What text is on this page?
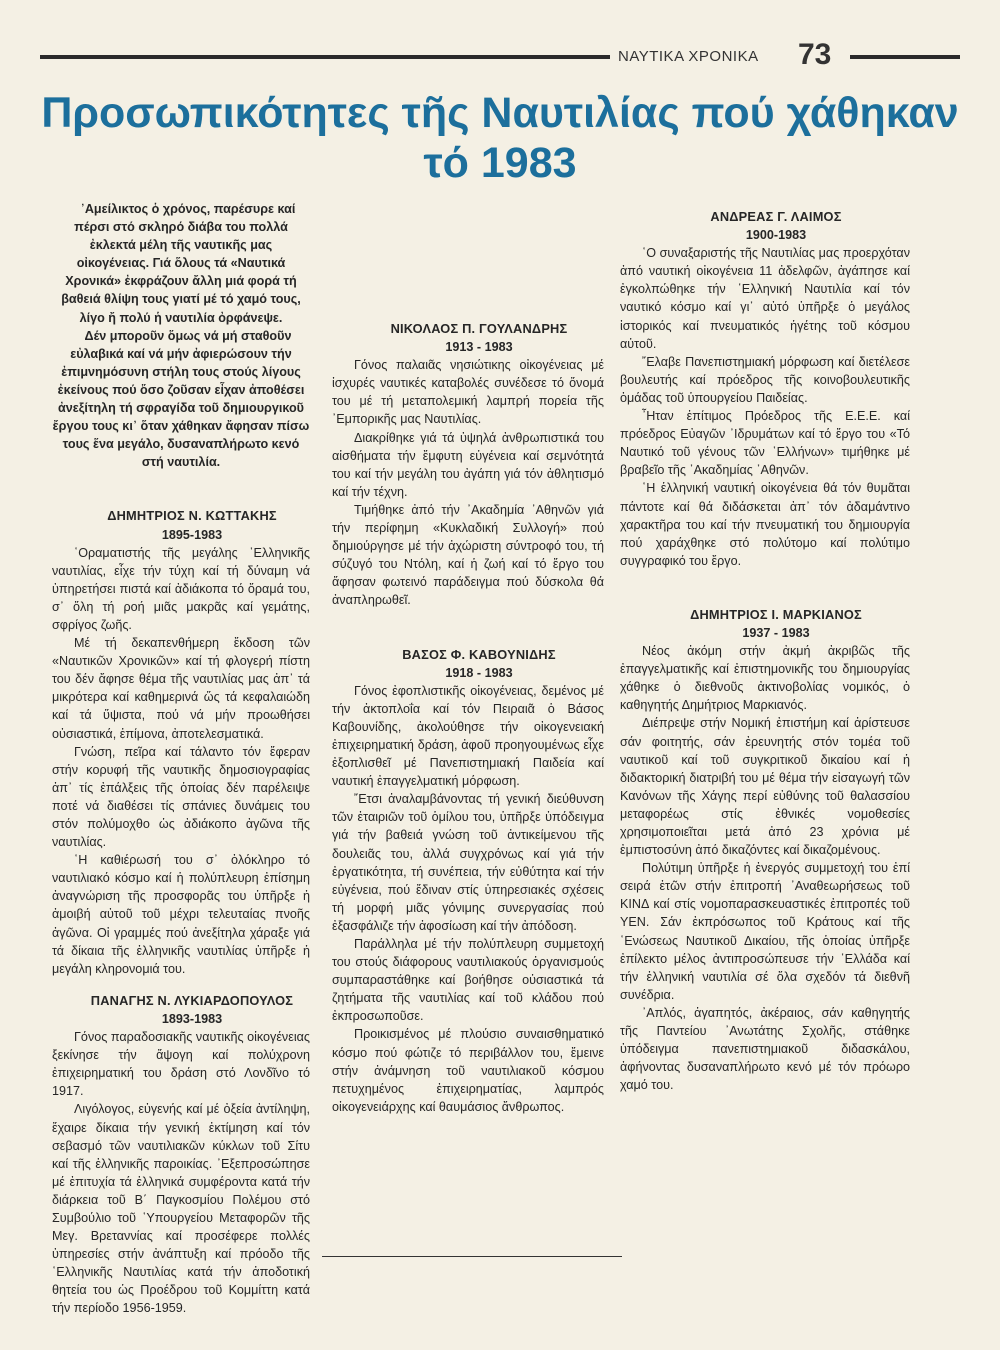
ΝΑΥΤΙΚΑ ΧΡΟΝΙΚΑ 73
Προσωπικότητες τῆς Ναυτιλίας πού χάθηκαν
τό 1983

᾽Αμείλικτος ὁ χρόνος, παρέσυρε καί πέρσι στό σκληρό διάβα του πολλά ἐκλεκτά μέλη τῆς ναυτικῆς μας οἰκογένειας. Γιά ὅλους τά «Ναυτικά Χρονικά» ἐκφράζουν ἄλλη μιά φορά τή βαθειά θλίψη τους γιατί μέ τό χαμό τους, λίγο ἤ πολύ ἡ ναυτιλία ὀρφάνεψε.

Δέν μποροῦν ὅμως νά μή σταθοῦν εὐλαβικά καί νά μήν ἀφιερώσουν τήν ἐπιμνημόσυνη στήλη τους στούς λίγους ἐκείνους πού ὅσο ζοῦσαν εἶχαν ἀποθέσει ἀνεξίτηλη τή σφραγίδα τοῦ δημιουργικοῦ ἔργου τους κι᾽ ὅταν χάθηκαν ἄφησαν πίσω τους ἕνα μεγάλο, δυσαναπλήρωτο κενό στή ναυτιλία.

ΔΗΜΗΤΡΙΟΣ Ν. ΚΩΤΤΑΚΗΣ

1895-1983

῾Οραματιστής τῆς μεγάλης ῾Ελληνικῆς ναυτιλίας, εἶχε τήν τύχη καί τή δύναμη νά ὑπηρετήσει πιστά καί ἀδιάκοπα τό ὅραμά του, σ᾽ ὅλη τή ροή μιᾶς μακρᾶς καί γεμάτης, σφρίγος ζωῆς.

Μέ τή δεκαπενθήμερη ἔκδοση τῶν «Ναυτικῶν Χρονικῶν» καί τή φλογερή πίστη του δέν ἄφησε θέμα τῆς ναυτιλίας μας ἀπ᾽ τά μικρότερα καί καθημερινά ὥς τά κεφαλαιώδη καί τά ὕψιστα, πού νά μήν προωθήσει οὐσιαστικά, ἐπίμονα, ἀποτελεσματικά.

Γνώση, πεῖρα καί τάλαντο τόν ἔφεραν στήν κορυφή τῆς ναυτικῆς δημοσιογραφίας ἀπ᾽ τίς ἐπάλξεις τῆς ὁποίας δέν παρέλειψε ποτέ νά διαθέσει τίς σπάνιες δυνάμεις του στόν πολύμοχθο ὡς ἀδιάκοπο ἀγῶνα τῆς ναυτιλίας.

῾Η καθιέρωσή του σ᾽ ὁλόκληρο τό ναυτιλιακό κόσμο καί ἡ πολύπλευρη ἐπίσημη ἀναγνώριση τῆς προσφορᾶς του ὑπῆρξε ἡ ἀμοιβή αὐτοῦ τοῦ μέχρι τελευταίας πνοῆς ἀγῶνα. Οἱ γραμμές πού ἀνεξίτηλα χάραξε γιά τά δίκαια τῆς ἑλληνικῆς ναυτιλίας ὑπῆρξε ἡ μεγάλη κληρονομιά του.

ΠΑΝΑΓΗΣ Ν. ΛΥΚΙΑΡΔΟΠΟΥΛΟΣ

1893-1983

Γόνος παραδοσιακῆς ναυτικῆς οἰκογένειας ξεκίνησε τήν ἄψογη καί πολύχρονη ἐπιχειρηματική του δράση στό Λονδῖνο τό 1917.

Λιγόλογος, εὐγενής καί μέ ὀξεία ἀντίληψη, ἔχαιρε δίκαια τήν γενική ἐκτίμηση καί τόν σεβασμό τῶν ναυτιλιακῶν κύκλων τοῦ Σίτυ καί τῆς ἑλληνικῆς παροικίας. ᾽Εξεπροσώπησε μέ ἐπιτυχία τά ἑλληνικά συμφέροντα κατά τήν διάρκεια τοῦ Β΄ Παγκοσμίου Πολέμου στό Συμβούλιο τοῦ ῾Υπουργείου Μεταφορῶν τῆς Μεγ. Βρεταννίας καί προσέφερε πολλές ὑπηρεσίες στήν ἀνάπτυξη καί πρόοδο τῆς ῾Ελληνικῆς Ναυτιλίας κατά τήν ἀποδοτική θητεία του ὡς Προέδρου τοῦ Κομμίττη κατά τήν περίοδο 1956-1959.

ΝΙΚΟΛΑΟΣ Π. ΓΟΥΛΑΝΔΡΗΣ

1913 - 1983

Γόνος παλαιᾶς νησιώτικης οἰκογένειας μέ ἰσχυρές ναυτικές καταβολές συνέδεσε τό ὄνομά του μέ τή μεταπολεμική λαμπρή πορεία τῆς ᾽Εμπορικῆς μας Ναυτιλίας.

Διακρίθηκε γιά τά ὑψηλά ἀνθρωπιστικά του αἰσθήματα τήν ἔμφυτη εὐγένεια καί σεμνότητά του καί τήν μεγάλη του ἀγάπη γιά τόν ἀθλητισμό καί τήν τέχνη.

Τιμήθηκε ἀπό τήν ᾽Ακαδημία ᾽Αθηνῶν γιά τήν περίφημη «Κυκλαδική Συλλογή» πού δημιούργησε μέ τήν ἀχώριστη σύντροφό του, τή σύζυγό του Ντόλη, καί ἡ ζωή καί τό ἔργο του ἄφησαν φωτεινό παράδειγμα πού δύσκολα θά ἀναπληρωθεῖ.

ΒΑΣΟΣ Φ. ΚΑΒΟΥΝΙΔΗΣ

1918 - 1983

Γόνος ἐφοπλιστικῆς οἰκογένειας, δεμένος μέ τήν ἀκτοπλοΐα καί τόν Πειραιᾶ ὁ Βάσος Καβουνίδης, ἀκολούθησε τήν οἰκογενειακή ἐπιχειρηματική δράση, ἀφοῦ προηγουμένως εἶχε ἐξοπλισθεῖ μέ Πανεπιστημιακή Παιδεία καί ναυτική ἐπαγγελματική μόρφωση.

῎Ετσι ἀναλαμβάνοντας τή γενική διεύθυνση τῶν ἑταιριῶν τοῦ ὁμίλου του, ὑπῆρξε ὑπόδειγμα γιά τήν βαθειά γνώση τοῦ ἀντικείμενου τῆς δουλειᾶς του, ἀλλά συγχρόνως καί γιά τήν ἐργατικότητα, τή συνέπεια, τήν εὐθύτητα καί τήν εὐγένεια, πού ἔδιναν στίς ὑπηρεσιακές σχέσεις τή μορφή μιᾶς γόνιμης συνεργασίας πού ἐξασφάλιζε τήν ἀφοσίωση καί τήν ἀπόδοση.

Παράλληλα μέ τήν πολύπλευρη συμμετοχή του στούς διάφορους ναυτιλιακούς ὀργανισμούς συμπαραστάθηκε καί βοήθησε οὐσιαστικά τά ζητήματα τῆς ναυτιλίας καί τοῦ κλάδου πού ἐκπροσωποῦσε.

Προικισμένος μέ πλούσιο συναισθηματικό κόσμο πού φώτιζε τό περιβάλλον του, ἔμεινε στήν ἀνάμνηση τοῦ ναυτιλιακοῦ κόσμου πετυχημένος ἐπιχειρηματίας, λαμπρός οἰκογενειάρχης καί θαυμάσιος ἄνθρωπος.

ΑΝΔΡΕΑΣ Γ. ΛΑΙΜΟΣ

1900-1983

῾Ο συναξαριστής τῆς Ναυτιλίας μας προερχόταν ἀπό ναυτική οἰκογένεια 11 ἀδελφῶν, ἀγάπησε καί ἐγκολπώθηκε τήν ῾Ελληνική Ναυτιλία καί τόν ναυτικό κόσμο καί γι᾽ αὐτό ὑπῆρξε ὁ μεγάλος ἱστορικός καί πνευματικός ἡγέτης τοῦ κόσμου αὐτοῦ.

῎Ελαβε Πανεπιστημιακή μόρφωση καί διετέλεσε βουλευτής καί πρόεδρος τῆς κοινοβουλευτικῆς ὁμάδας τοῦ ὑπουργείου Παιδείας.

῏Ηταν ἐπίτιμος Πρόεδρος τῆς Ε.Ε.Ε. καί πρόεδρος Εὐαγῶν ᾽Ιδρυμάτων καί τό ἔργο του «Τό Ναυτικό τοῦ γένους τῶν ῾Ελλήνων» τιμήθηκε μέ βραβεῖο τῆς ᾽Ακαδημίας ᾽Αθηνῶν.

῾Η ἑλληνική ναυτική οἰκογένεια θά τόν θυμᾶται πάντοτε καί θά διδάσκεται ἀπ᾽ τόν ἀδαμάντινο χαρακτῆρα του καί τήν πνευματική του δημιουργία πού χαράχθηκε στό πολύτομο καί πολύτιμο συγγραφικό του ἔργο.

ΔΗΜΗΤΡΙΟΣ Ι. ΜΑΡΚΙΑΝΟΣ

1937 - 1983

Νέος ἀκόμη στήν ἀκμή ἀκριβῶς τῆς ἐπαγγελματικῆς καί ἐπιστημονικῆς του δημιουργίας χάθηκε ὁ διεθνοῦς ἀκτινοβολίας νομικός, ὁ καθηγητής Δημήτριος Μαρκιανός.

Διέπρεψε στήν Νομική ἐπιστήμη καί ἀρίστευσε σάν φοιτητής, σάν ἐρευνητής στόν τομέα τοῦ ναυτικοῦ καί τοῦ συγκριτικοῦ δικαίου καί ἡ διδακτορική διατριβή του μέ θέμα τήν εἰσαγωγή τῶν Κανόνων τῆς Χάγης περί εὐθύνης τοῦ θαλασσίου μεταφορέως στίς ἐθνικές νομοθεσίες χρησιμοποιεῖται μετά ἀπό 23 χρόνια μέ ἐμπιστοσύνη ἀπό δικαζόντες καί δικαζομένους.

Πολύτιμη ὑπῆρξε ἡ ἐνεργός συμμετοχή του ἐπί σειρά ἐτῶν στήν ἐπιτροπή ᾽Αναθεωρήσεως τοῦ ΚΙΝΔ καί στίς νομοπαρασκευαστικές ἐπιτροπές τοῦ ΥΕΝ. Σάν ἐκπρόσωπος τοῦ Κράτους καί τῆς ῾Ενώσεως Ναυτικοῦ Δικαίου, τῆς ὁποίας ὑπῆρξε ἐπίλεκτο μέλος ἀντιπροσώπευσε τήν ῾Ελλάδα καί τήν ἑλληνική ναυτιλία σέ ὅλα σχεδόν τά διεθνῆ συνέδρια.

᾽Απλός, ἀγαπητός, ἀκέραιος, σάν καθηγητής τῆς Παντείου ᾽Ανωτάτης Σχολῆς, στάθηκε ὑπόδειγμα πανεπιστημιακοῦ διδασκάλου, ἀφήνοντας δυσαναπλήρωτο κενό μέ τόν πρόωρο χαμό του.
